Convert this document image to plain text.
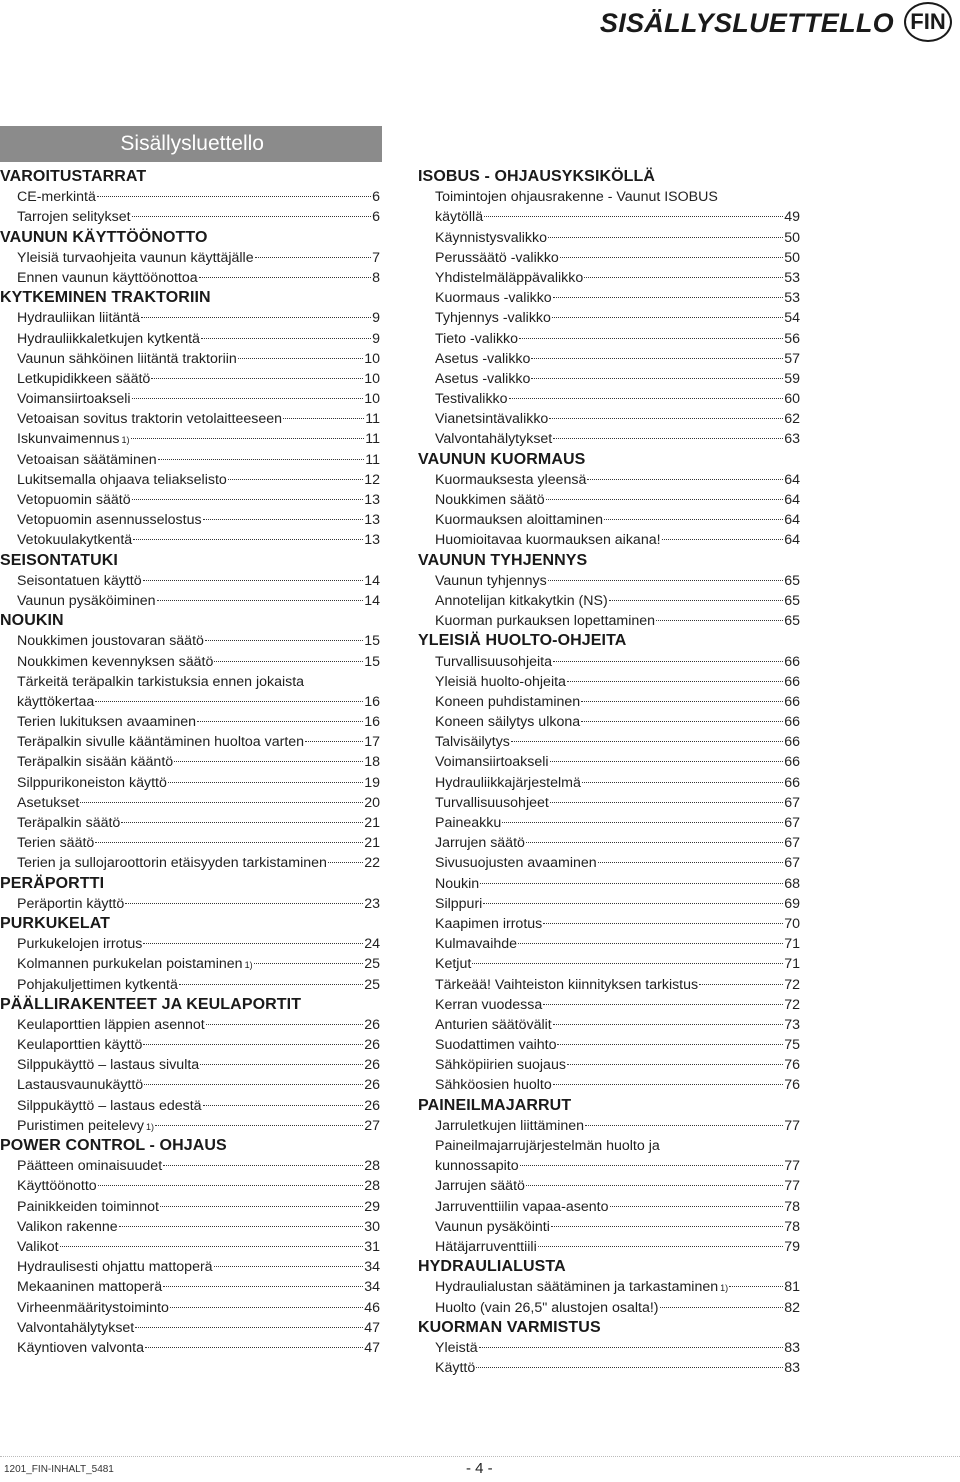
SISÄLLYSLUETTELLO FIN
Sisällysluettello
VAROITUSTARRAT
CE-merkintä	6
Tarrojen selitykset	6
VAUNUN KÄYTTÖÖNOTTO
Yleisiä turvaohjeita vaunun käyttäjälle	7
Ennen vaunun käyttöönottoa	8
KYTKEMINEN TRAKTORIIN
Hydrauliikan liitäntä	9
Hydrauliikkaletkujen kytkentä	9
Vaunun sähköinen liitäntä traktoriin	10
Letkupidikkeen säätö	10
Voimansiirtoakseli	10
Vetoaisan sovitus traktorin vetolaitteeseen	11
Iskunvaimennus 1)	11
Vetoaisan säätäminen	11
Lukitsemalla ohjaava teliakselisto	12
Vetopuomin säätö	13
Vetopuomin asennusselostus	13
Vetokuulakytkentä	13
SEISONTATUKI
Seisontatuen käyttö	14
Vaunun pysäköiminen	14
NOUKIN
Noukkimen joustovaran säätö	15
Noukkimen kevennyksen säätö	15
Tärkeitä teräpalkin tarkistuksia ennen jokaista
käyttökertaa	16
Terien lukituksen avaaminen	16
Teräpalkin sivulle kääntäminen huoltoa varten	17
Teräpalkin sisään kääntö	18
Silppurikoneiston käyttö	19
Asetukset	20
Teräpalkin säätö	21
Terien säätö	21
Terien ja sullojaroottorin etäisyyden tarkistaminen	22
PERÄPORTTI
Peräportin käyttö	23
PURKUKELAT
Purkukelojen irrotus	24
Kolmannen purkukelan poistaminen 1)	25
Pohjakuljettimen kytkentä	25
PÄÄLLIRAKENTEET JA KEULAPORTIT
Keulaporttien läppien asennot	26
Keulaporttien käyttö	26
Silppukäyttö – lastaus sivulta	26
Lastausvaunukäyttö	26
Silppukäyttö – lastaus edestä	26
Puristimen peitelevy 1)	27
POWER CONTROL - OHJAUS
Päätteen ominaisuudet	28
Käyttöönotto	28
Painikkeiden toiminnot	29
Valikon rakenne	30
Valikot	31
Hydraulisesti ohjattu mattoperä	34
Mekaaninen mattoperä	34
Virheenmääritystoiminto	46
Valvontahälytykset	47
Käyntioven valvonta	47
ISOBUS - OHJAUSYKSIKÖLLÄ
Toimintojen ohjausrakenne - Vaunut ISOBUS
käytöllä	49
Käynnistysvalikko	50
Perussäätö -valikko	50
Yhdistelmäläppävalikko	53
Kuormaus -valikko	53
Tyhjennys -valikko	54
Tieto -valikko	56
Asetus -valikko	57
Asetus -valikko	59
Testivalikko	60
Vianetsintävalikko	62
Valvontahälytykset	63
VAUNUN KUORMAUS
Kuormauksesta yleensä	64
Noukkimen säätö	64
Kuormauksen aloittaminen	64
Huomioitavaa kuormauksen aikana!	64
VAUNUN TYHJENNYS
Vaunun tyhjennys	65
Annotelijan kitkakytkin (NS)	65
Kuorman purkauksen lopettaminen	65
YLEISIÄ HUOLTO-OHJEITA
Turvallisuusohjeita	66
Yleisiä huolto-ohjeita	66
Koneen puhdistaminen	66
Koneen säilytys ulkona	66
Talvisäilytys	66
Voimansiirtoakseli	66
Hydrauliikkajärjestelmä	66
Turvallisuusohjeet	67
Paineakku	67
Jarrujen säätö	67
Sivusuojusten avaaminen	67
Noukin	68
Silppuri	69
Kaapimen irrotus	70
Kulmavaihde	71
Ketjut	71
Tärkeää! Vaihteiston kiinnityksen tarkistus	72
Kerran vuodessa	72
Anturien säätövälit	73
Suodattimen vaihto	75
Sähköpiirien suojaus	76
Sähköosien huolto	76
PAINEILMAJARRUT
Jarruletkujen liittäminen	77
Paineilmajarrujärjestelmän huolto ja
kunnossapito	77
Jarrujen säätö	77
Jarruventtiilin vapaa-asento	78
Vaunun pysäköinti	78
Hätäjarruventtiili	79
HYDRAULIALUSTA
Hydraulialustan säätäminen ja tarkastaminen 1)	81
Huolto (vain 26,5" alustojen osalta!)	82
KUORMAN VARMISTUS
Yleistä	83
Käyttö	83
1201_FIN-INHALT_5481	- 4 -
